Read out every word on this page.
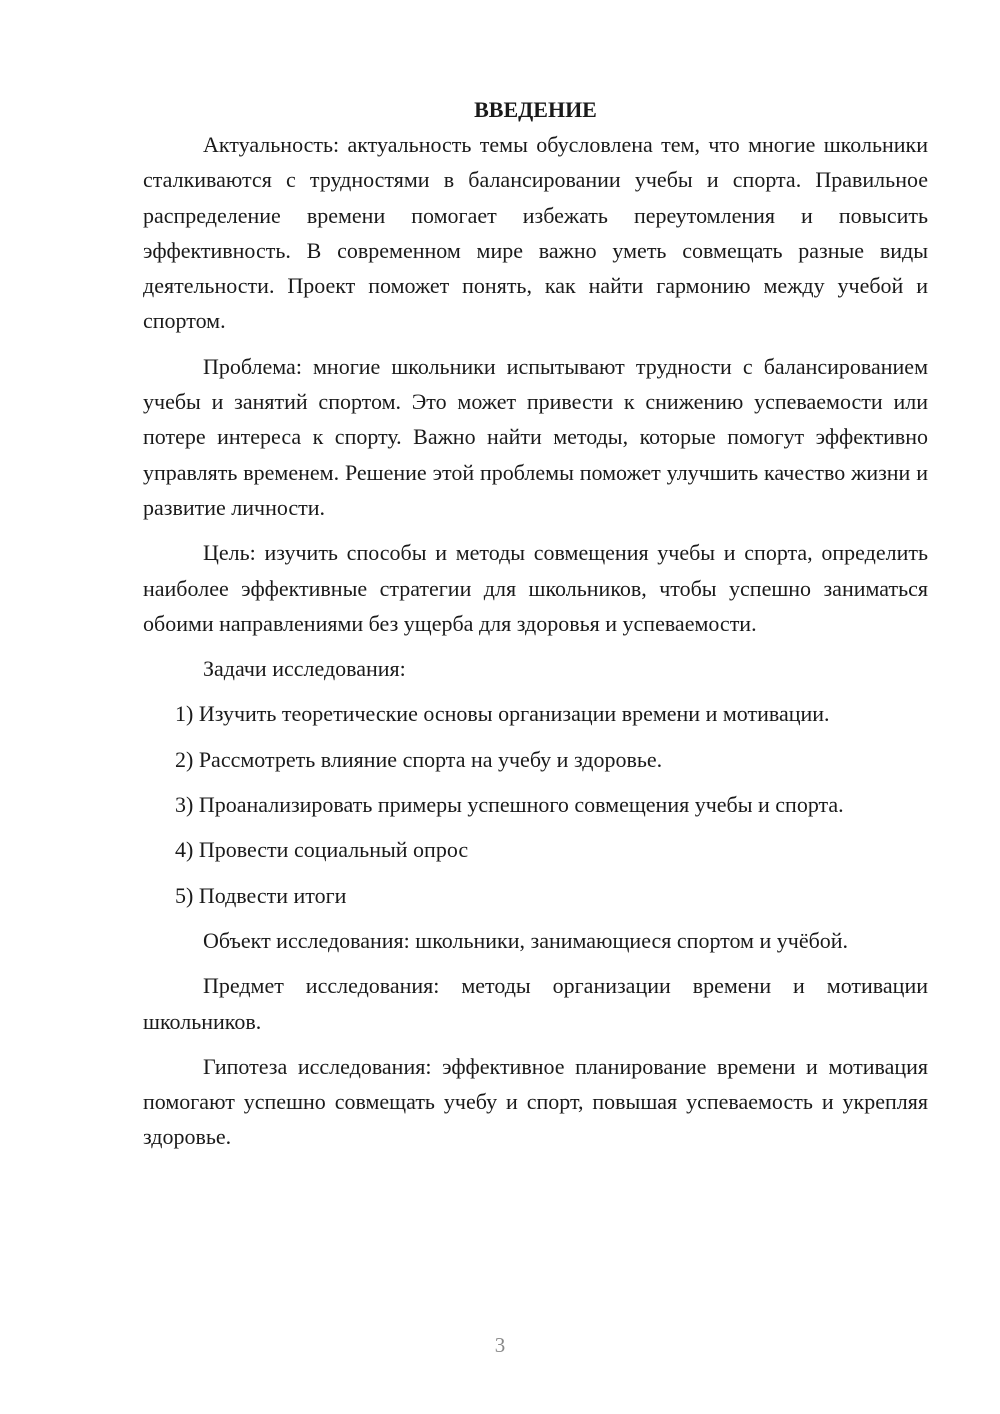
ВВЕДЕНИЕ

Актуальность: актуальность темы обусловлена тем, что многие школьники сталкиваются с трудностями в балансировании учебы и спорта. Правильное распределение времени помогает избежать переутомления и повысить эффективность. В современном мире важно уметь совмещать разные виды деятельности. Проект поможет понять, как найти гармонию между учебой и спортом.

Проблема: многие школьники испытывают трудности с балансированием учебы и занятий спортом. Это может привести к снижению успеваемости или потере интереса к спорту. Важно найти методы, которые помогут эффективно управлять временем. Решение этой проблемы поможет улучшить качество жизни и развитие личности.

Цель: изучить способы и методы совмещения учебы и спорта, определить наиболее эффективные стратегии для школьников, чтобы успешно заниматься обоими направлениями без ущерба для здоровья и успеваемости.

Задачи исследования:

1) Изучить теоретические основы организации времени и мотивации.

2) Рассмотреть влияние спорта на учебу и здоровье.

3) Проанализировать примеры успешного совмещения учебы и спорта.

4) Провести социальный опрос

5) Подвести итоги

Объект исследования: школьники, занимающиеся спортом и учёбой.

Предмет исследования: методы организации времени и мотивации школьников.

Гипотеза исследования: эффективное планирование времени и мотивация помогают успешно совмещать учебу и спорт, повышая успеваемость и укрепляя здоровье.

3
